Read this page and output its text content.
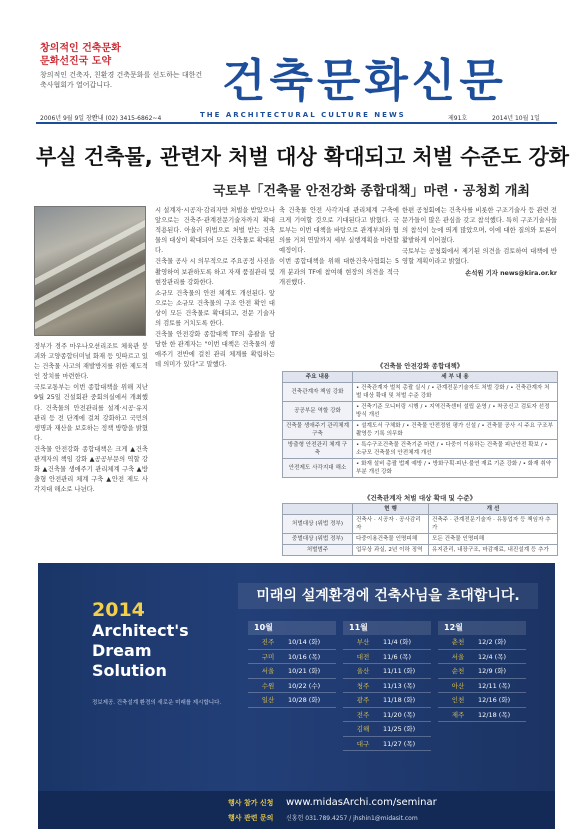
창의적인 건축문화
문화선진국 도약
창의적인 건축자, 친환경 건축문화를 선도하는 대한건축사협회가 열어갑니다.	건축문화신문
2006년 9월 9일 창간
안내 (02) 3415-6862~4	제91호	2014년 10월 1일
THE ARCHITECTURAL CULTURE NEWS
부실 건축물, 관련자 처벌 대상 확대되고 처벌 수준도 강화
국토부「건축물 안전강화 종합대책」마련 · 공청회 개최

정부가 경주 마우나오션리조트 체육관 붕괴와 고양종합터미널 화재 등 잇따르고 있는 건축물 사고의 재발방지를 위한 제도적인 장치를 마련한다.

국토교통부는 이번 종합대책을 위해 지난 9월 25일 건설회관 중회의실에서 개최했다. 건축물의 안전관리를 설계·시공·유지관리 등 전 단계에 걸쳐 강화하고 국민의 생명과 재산을 보호하는 정책 방향을 밝혔다.

건축물 안전강화 종합대책은 크게 ▲건축 관계자의 책임 강화 ▲공공부문의 역할 강화 ▲건축물 생애주기 관리체계 구축 ▲방출형 안전관리 체계 구축 ▲안전 제도 사각지대 해소로 나뉜다.

시 설계자·시공자·감리자만 처벌을 받았으나 앞으로는 건축주·관계전문기술자까지 확대 적용된다. 아울러 위법으로 처벌 받는 건축물의 대상이 확대되어 모든 건축물로 확대된다.

건축물 공사 시 의무적으로 주요공정 사진을 촬영하여 보관하도록 하고 자재 품질관리 및 현장관리를 강화한다.

소규모 건축물의 안전 체계도 개선된다. 앞으로는 소규모 건축물의 구조 안전 확인 대상이 모든 건축물로 확대되고, 전문 기술자의 검토를 거치도록 한다.

건축물 안전강화 종합대책 TF의 총괄을 담당한 한 관계자는 "이번 대책은 건축물의 생애주기 전반에 걸친 관리 체계를 확립하는 데 의미가 있다"고 말했다.

축 건축물 안전 사각지대 관리체계 구축에 크게 기여할 것으로 기대된다고 밝혔다. 국토부는 이번 대책을 바탕으로 관계부처와 협의를 거쳐 연말까지 세부 실행계획을 마련할 예정이다.

이번 종합대책을 위해 대한건축사협회는 5개 분과의 TF에 참여해 현장의 의견을 적극 개진했다.

한편 공청회에는 건축사를 비롯한 구조기술사 등 관련 전문가들이 많은 관심을 갖고 참석했다. 특히 구조기술사들의 참석이 눈에 띄게 많았으며, 이에 대한 질의와 토론이 활발하게 이어졌다.

국토부는 공청회에서 제기된 의견을 검토하여 대책에 반영할 계획이라고 밝혔다.

손석원 기자 news@kira.or.kr

《건축물 안전강화 종합대책》
주요 내용	세 부 내 용
건축관계자 책임 강화	• 건축관계자 벌칙 총괄 실시 / • 관계전문기술자도 처벌 강화 / • 건축관계자 처벌 대상 확대 및 처벌 수준 강화
공공부문 역할 강화	• 건축기준 모니터링 시행 / • 지역건축센터 설립 운영 / • 착공신고 검토자 선정 방식 개선
건축물 생애주기 관리체계 구축	• 설계도서 구체화 / • 건축물 안전정원 평가 신설 / • 건축물 공사 시 주요 구조부 촬영등 기록 의무화
방출형 안전관리 체계 구축	• 특수구조건축물 건축기준 마련 / • 다중이 이용하는 건축물 피난안전 확보 / • 소규모 건축물의 안전체계 개선
안전제도 사각지대 해소	• 화재 설비 총괄 법제 예방 / • 방화구획·피난·불연 재료 기준 강화 / • 화재 취약 부분 개선 강화
《건축관계자 처벌 대상 확대 및 수준》
	현 행	개 선
처벌대상 (위법 정부)	건축사 · 시공자 · 공사감리자	건축주 · 관계전문기술자 · 유통업자 등 책임자 추가
중벌대상 (위법 정부)	다중이용건축물 인명피해	모든 건축물 인명피해
처벌범주	업무상 과실, 2년 이하 징역	유지관리, 내장구조, 마감재료, 내진설계 등 추가
2014
Architect's
Dream
Solution
정보제공. 건축설계 환경의 새로운 미래를 제시합니다.
미래의 설계환경에 건축사님을 초대합니다.
10월
진주	10/14 (화)
구미	10/16 (목)
서울	10/21 (화)
수원	10/22 (수)
일산	10/28 (화)
11월
부산	11/4 (화)
대전	11/6 (목)
울산	11/11 (화)
청주	11/13 (목)
광주	11/18 (화)
전주	11/20 (목)
김해	11/25 (화)
대구	11/27 (목)
12월
춘천	12/2 (화)
서울	12/4 (목)
순천	12/9 (화)
아산	12/11 (목)
인천	12/16 (화)
제주	12/18 (목)
행사 참가 신청
행사 관련 문의
www.midasArchi.com/seminar
신홍헌 031.789.4257 / jhshin1@midasit.com
